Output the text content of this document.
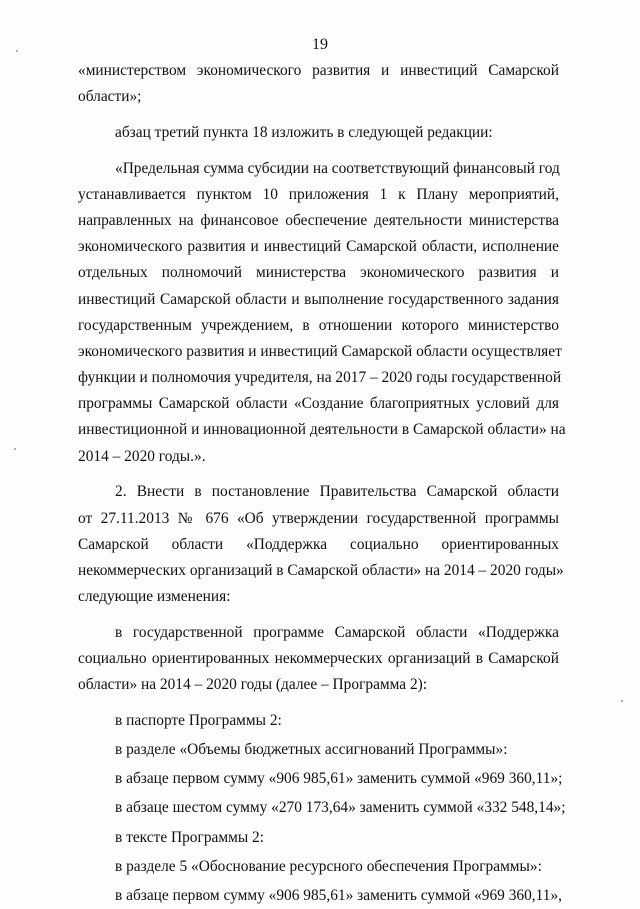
19
«министерством экономического развития и инвестиций Самарской
области»;
абзац третий пункта 18 изложить в следующей редакции:
«Предельная сумма субсидии на соответствующий финансовый год
устанавливается пунктом 10 приложения 1 к Плану мероприятий,
направленных на финансовое обеспечение деятельности министерства
экономического развития и инвестиций Самарской области, исполнение
отдельных полномочий министерства экономического развития и
инвестиций Самарской области и выполнение государственного задания
государственным учреждением, в отношении которого министерство
экономического развития и инвестиций Самарской области осуществляет
функции и полномочия учредителя, на 2017 – 2020 годы государственной
программы Самарской области «Создание благоприятных условий для
инвестиционной и инновационной деятельности в Самарской области» на
2014 – 2020 годы.».
2. Внести в постановление Правительства Самарской области
от 27.11.2013 № 676 «Об утверждении государственной программы
Самарской области «Поддержка социально ориентированных
некоммерческих организаций в Самарской области» на 2014 – 2020 годы»
следующие изменения:
в государственной программе Самарской области «Поддержка
социально ориентированных некоммерческих организаций в Самарской
области» на 2014 – 2020 годы (далее – Программа 2):
в паспорте Программы 2:
в разделе «Объемы бюджетных ассигнований Программы»:
в абзаце первом сумму «906 985,61» заменить суммой «969 360,11»;
в абзаце шестом сумму «270 173,64» заменить суммой «332 548,14»;
в тексте Программы 2:
в разделе 5 «Обоснование ресурсного обеспечения Программы»:
в абзаце первом сумму «906 985,61» заменить суммой «969 360,11»,
